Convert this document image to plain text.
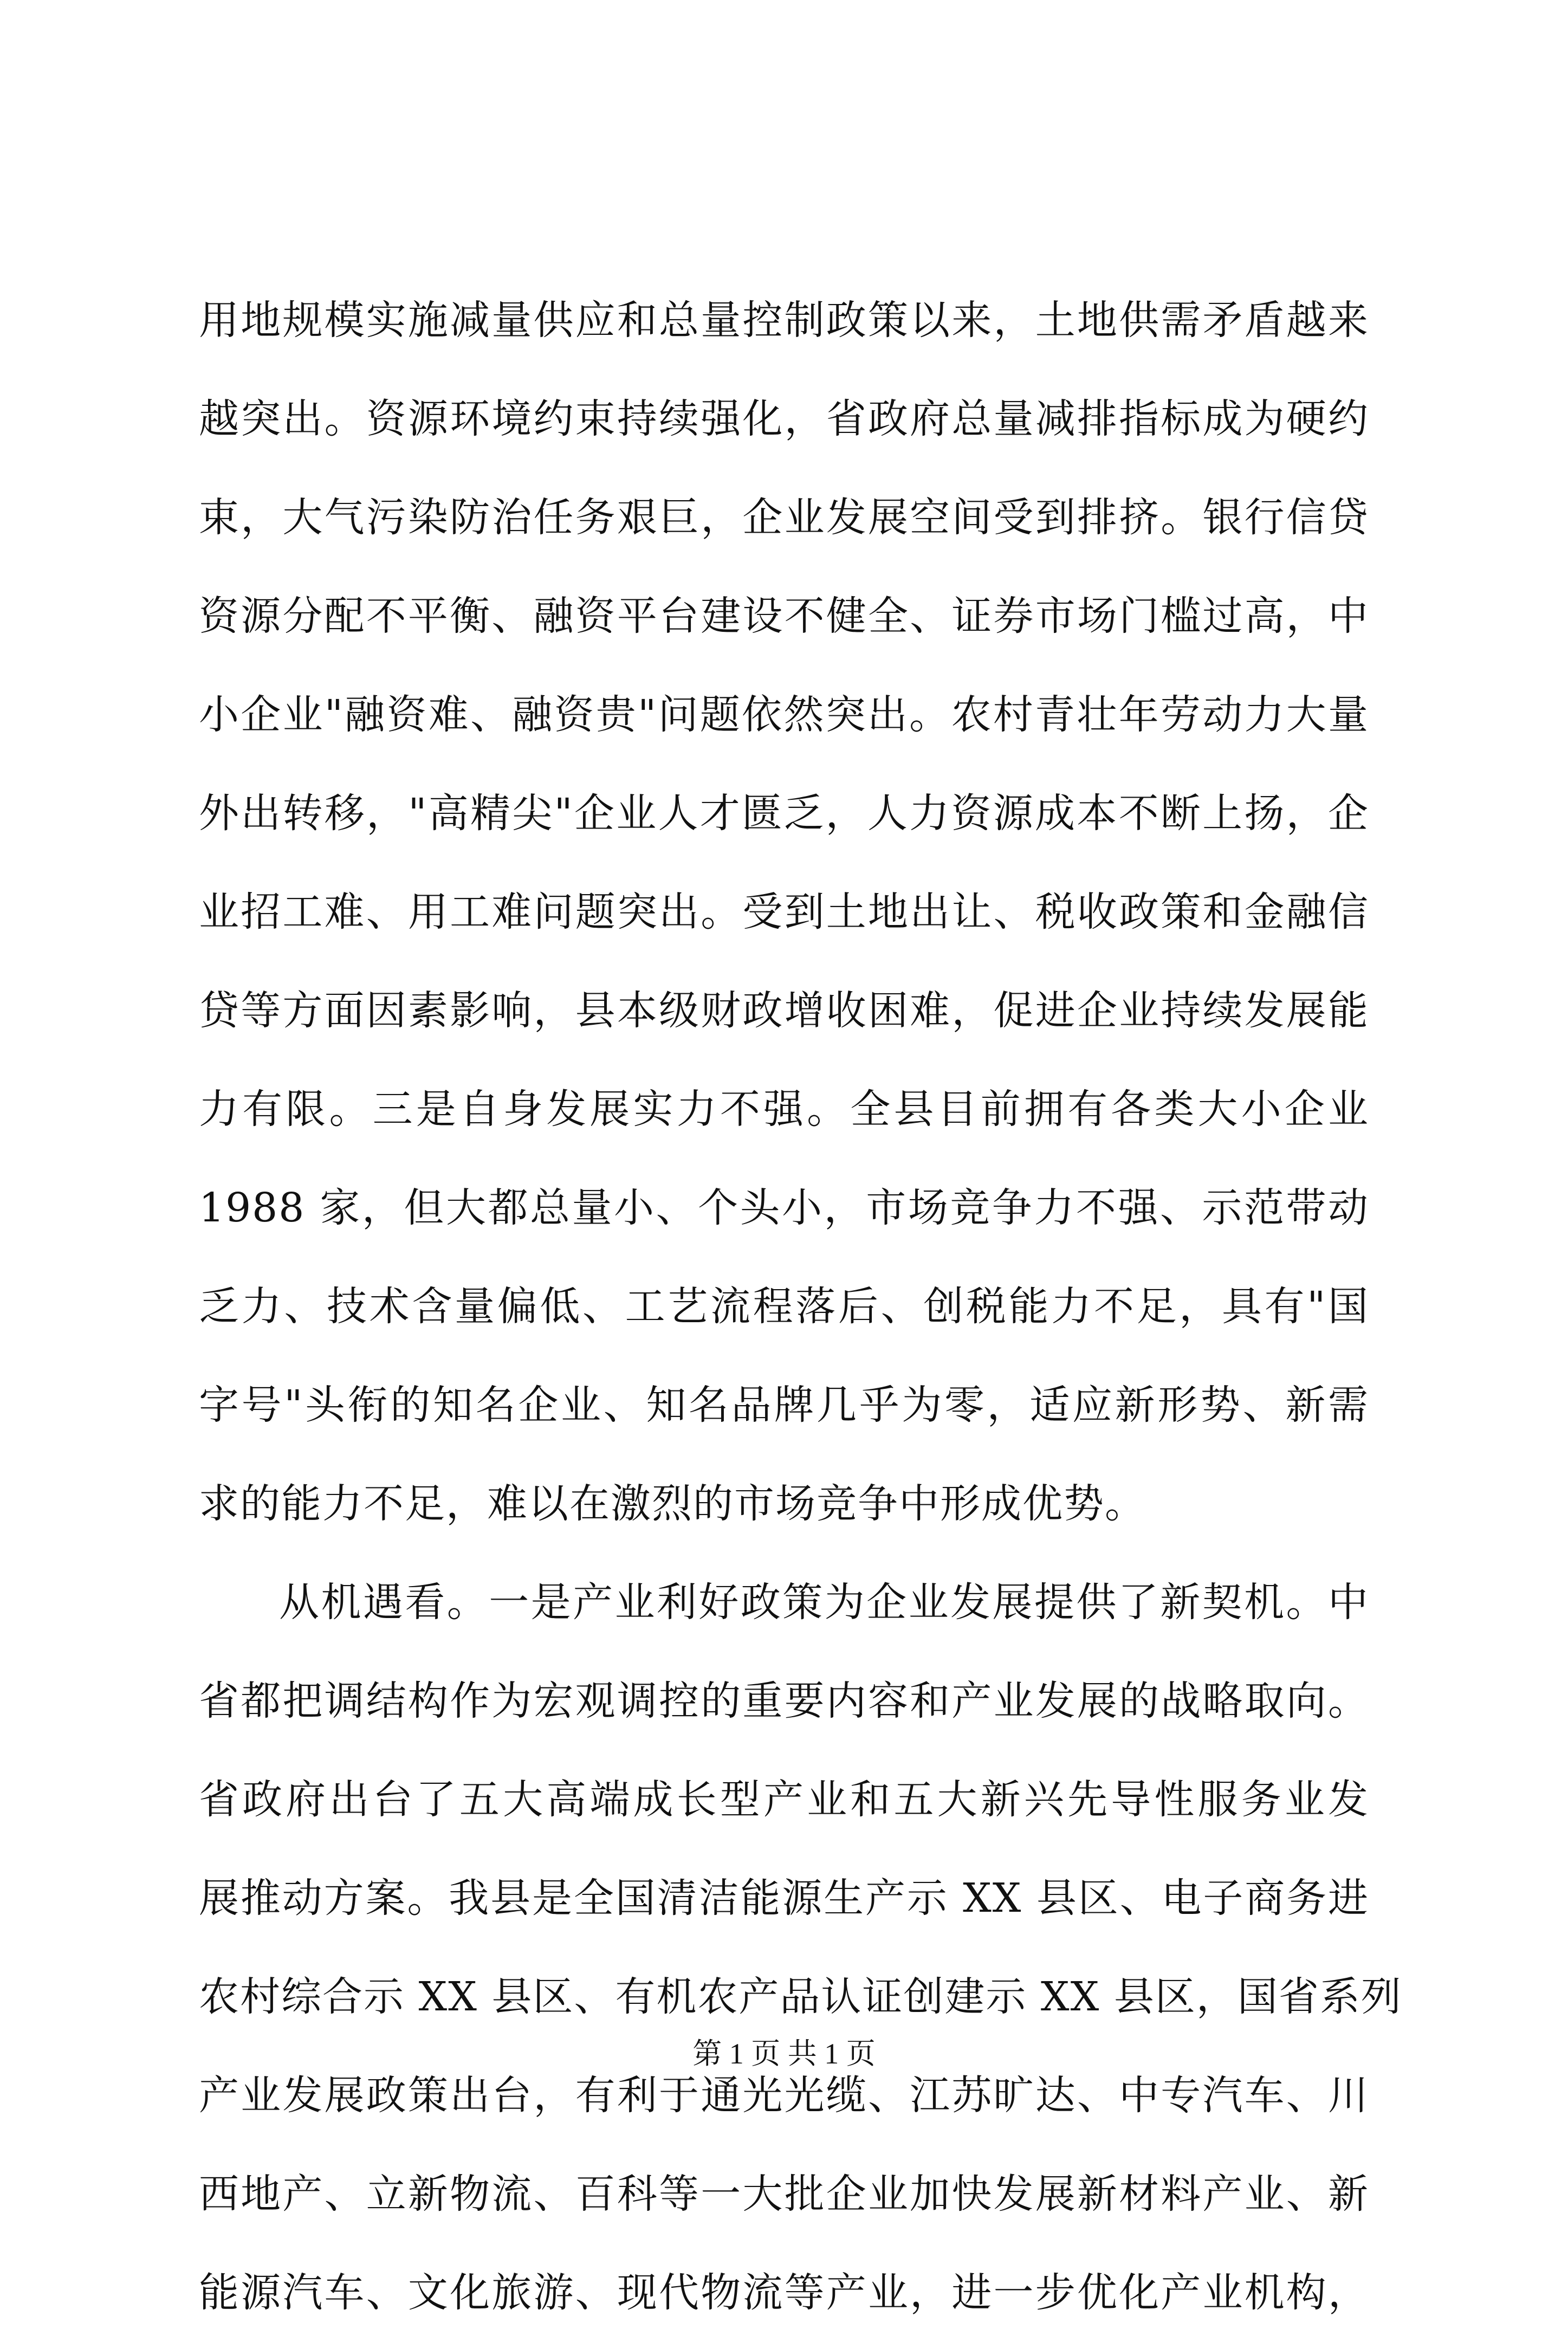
用地规模实施减量供应和总量控制政策以来，土地供需矛盾越来
越突出。资源环境约束持续强化，省政府总量减排指标成为硬约
束，大气污染防治任务艰巨，企业发展空间受到排挤。银行信贷
资源分配不平衡、融资平台建设不健全、证券市场门槛过高，中
小企业"融资难、融资贵"问题依然突出。农村青壮年劳动力大量
外出转移，"高精尖"企业人才匮乏，人力资源成本不断上扬，企
业招工难、用工难问题突出。受到土地出让、税收政策和金融信
贷等方面因素影响，县本级财政增收困难，促进企业持续发展能
力有限。三是自身发展实力不强。全县目前拥有各类大小企业
1988 家，但大都总量小、个头小，市场竞争力不强、示范带动
乏力、技术含量偏低、工艺流程落后、创税能力不足，具有"国
字号"头衔的知名企业、知名品牌几乎为零，适应新形势、新需
求的能力不足，难以在激烈的市场竞争中形成优势。
从机遇看。一是产业利好政策为企业发展提供了新契机。中
省都把调结构作为宏观调控的重要内容和产业发展的战略取向。
省政府出台了五大高端成长型产业和五大新兴先导性服务业发
展推动方案。我县是全国清洁能源生产示 XX 县区、电子商务进
农村综合示 XX 县区、有机农产品认证创建示 XX 县区，国省系列
产业发展政策出台，有利于通光光缆、江苏旷达、中专汽车、川
西地产、立新物流、百科等一大批企业加快发展新材料产业、新
能源汽车、文化旅游、现代物流等产业，进一步优化产业机构，
第 1 页 共 1 页
